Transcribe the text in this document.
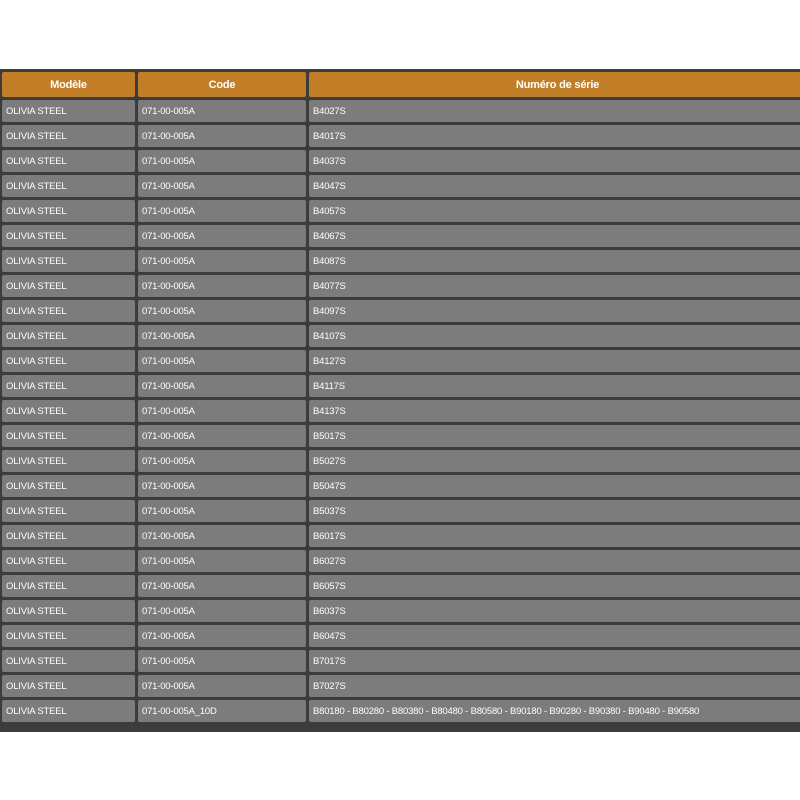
Modèle	Code	Numéro de série
OLIVIA STEEL	071-00-005A	B4027S
OLIVIA STEEL	071-00-005A	B4017S
OLIVIA STEEL	071-00-005A	B4037S
OLIVIA STEEL	071-00-005A	B4047S
OLIVIA STEEL	071-00-005A	B4057S
OLIVIA STEEL	071-00-005A	B4067S
OLIVIA STEEL	071-00-005A	B4087S
OLIVIA STEEL	071-00-005A	B4077S
OLIVIA STEEL	071-00-005A	B4097S
OLIVIA STEEL	071-00-005A	B4107S
OLIVIA STEEL	071-00-005A	B4127S
OLIVIA STEEL	071-00-005A	B4117S
OLIVIA STEEL	071-00-005A	B4137S
OLIVIA STEEL	071-00-005A	B5017S
OLIVIA STEEL	071-00-005A	B5027S
OLIVIA STEEL	071-00-005A	B5047S
OLIVIA STEEL	071-00-005A	B5037S
OLIVIA STEEL	071-00-005A	B6017S
OLIVIA STEEL	071-00-005A	B6027S
OLIVIA STEEL	071-00-005A	B6057S
OLIVIA STEEL	071-00-005A	B6037S
OLIVIA STEEL	071-00-005A	B6047S
OLIVIA STEEL	071-00-005A	B7017S
OLIVIA STEEL	071-00-005A	B7027S
OLIVIA STEEL	071-00-005A_10D	B80180 - B80280 - B80380 - B80480 - B80580 - B90180 - B90280 - B90380 - B90480 - B90580
